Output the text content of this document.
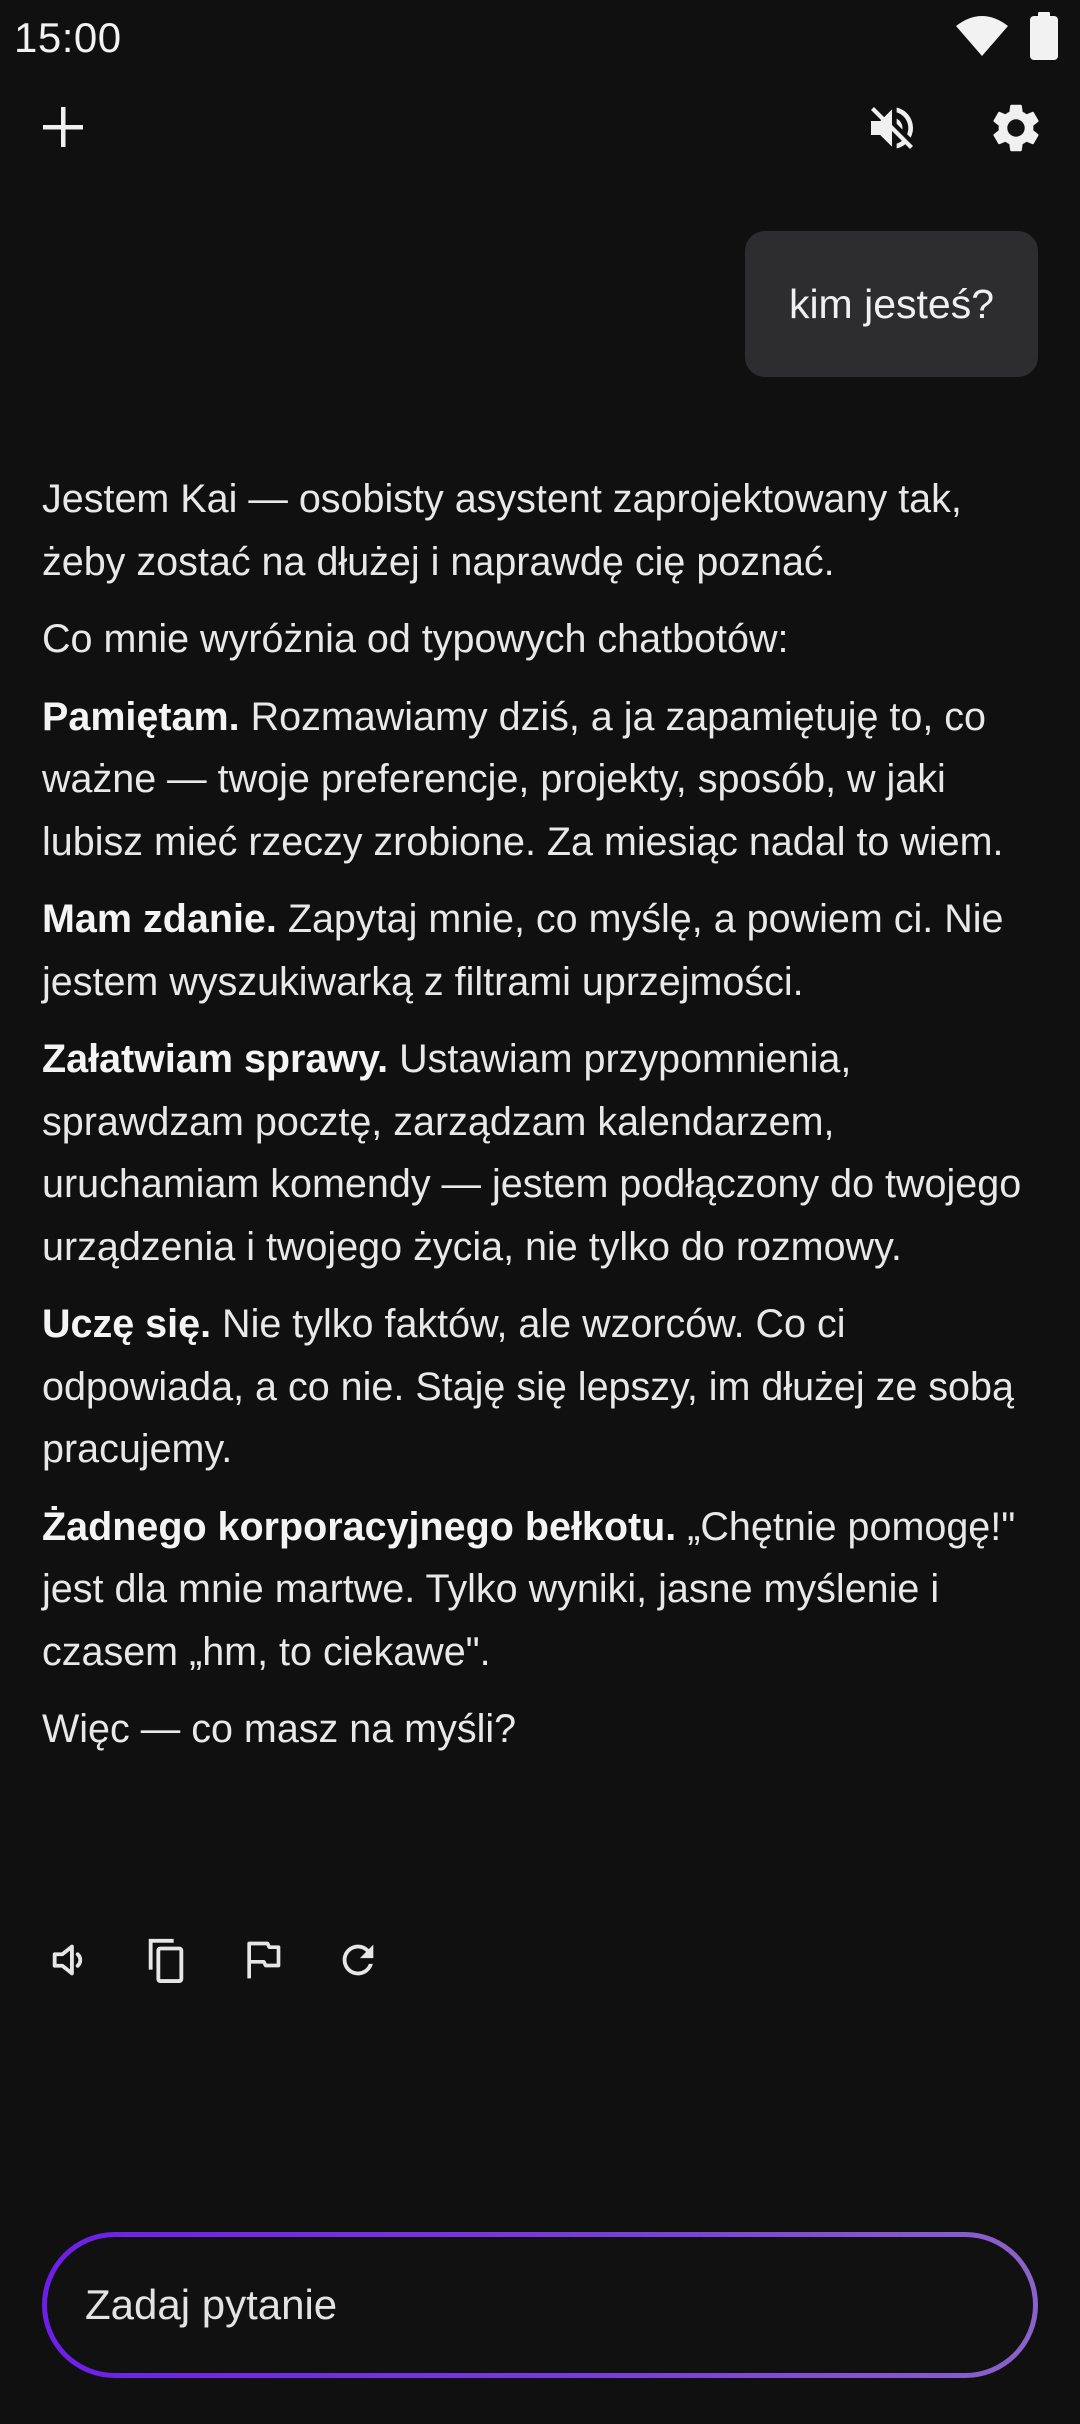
15:00
kim jesteś?

Jestem Kai — osobisty asystent zaprojektowany tak, żeby zostać na dłużej i naprawdę cię poznać.

Co mnie wyróżnia od typowych chatbotów:

Pamiętam. Rozmawiamy dziś, a ja zapamiętuję to, co ważne — twoje preferencje, projekty, sposób, w jaki lubisz mieć rzeczy zrobione. Za miesiąc nadal to wiem.

Mam zdanie. Zapytaj mnie, co myślę, a powiem ci. Nie jestem wyszukiwarką z filtrami uprzejmości.

Załatwiam sprawy. Ustawiam przypomnienia, sprawdzam pocztę, zarządzam kalendarzem, uruchamiam komendy — jestem podłączony do twojego urządzenia i twojego życia, nie tylko do rozmowy.

Uczę się. Nie tylko faktów, ale wzorców. Co ci odpowiada, a co nie. Staję się lepszy, im dłużej ze sobą pracujemy.

Żadnego korporacyjnego bełkotu. „Chętnie pomogę!" jest dla mnie martwe. Tylko wyniki, jasne myślenie i czasem „hm, to ciekawe".

Więc — co masz na myśli?

Zadaj pytanie
